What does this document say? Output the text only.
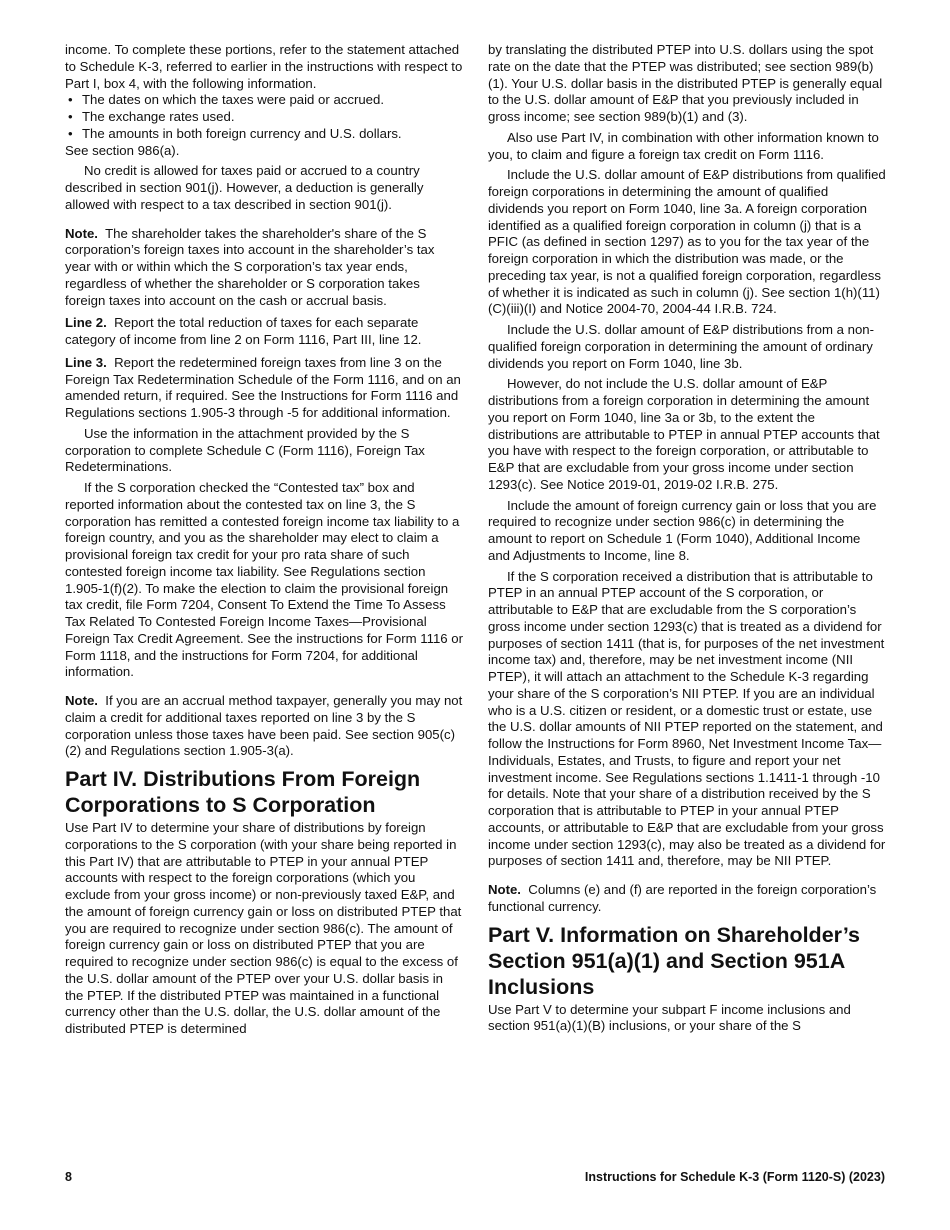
income. To complete these portions, refer to the statement attached to Schedule K-3, referred to earlier in the instructions with respect to Part I, box 4, with the following information.

• The dates on which the taxes were paid or accrued.
• The exchange rates used.
• The amounts in both foreign currency and U.S. dollars.

See section 986(a).

No credit is allowed for taxes paid or accrued to a country described in section 901(j). However, a deduction is generally allowed with respect to a tax described in section 901(j).

Note. The shareholder takes the shareholder's share of the S corporation’s foreign taxes into account in the shareholder’s tax year with or within which the S corporation’s tax year ends, regardless of whether the shareholder or S corporation takes foreign taxes into account on the cash or accrual basis.

Line 2. Report the total reduction of taxes for each separate category of income from line 2 on Form 1116, Part III, line 12.

Line 3. Report the redetermined foreign taxes from line 3 on the Foreign Tax Redetermination Schedule of the Form 1116, and on an amended return, if required. See the Instructions for Form 1116 and Regulations sections 1.905-3 through -5 for additional information.

Use the information in the attachment provided by the S corporation to complete Schedule C (Form 1116), Foreign Tax Redeterminations.

If the S corporation checked the “Contested tax” box and reported information about the contested tax on line 3, the S corporation has remitted a contested foreign income tax liability to a foreign country, and you as the shareholder may elect to claim a provisional foreign tax credit for your pro rata share of such contested foreign income tax liability. See Regulations section 1.905-1(f)(2). To make the election to claim the provisional foreign tax credit, file Form 7204, Consent To Extend the Time To Assess Tax Related To Contested Foreign Income Taxes—Provisional Foreign Tax Credit Agreement. See the instructions for Form 1116 or Form 1118, and the instructions for Form 7204, for additional information.

Note. If you are an accrual method taxpayer, generally you may not claim a credit for additional taxes reported on line 3 by the S corporation unless those taxes have been paid. See section 905(c)(2) and Regulations section 1.905-3(a).

Part IV. Distributions From Foreign Corporations to S Corporation

Use Part IV to determine your share of distributions by foreign corporations to the S corporation (with your share being reported in this Part IV) that are attributable to PTEP in your annual PTEP accounts with respect to the foreign corporations (which you exclude from your gross income) or non-previously taxed E&P, and the amount of foreign currency gain or loss on distributed PTEP that you are required to recognize under section 986(c). The amount of foreign currency gain or loss on distributed PTEP that you are required to recognize under section 986(c) is equal to the excess of the U.S. dollar amount of the PTEP over your U.S. dollar basis in the PTEP. If the distributed PTEP was maintained in a functional currency other than the U.S. dollar, the U.S. dollar amount of the distributed PTEP is determined

by translating the distributed PTEP into U.S. dollars using the spot rate on the date that the PTEP was distributed; see section 989(b)(1). Your U.S. dollar basis in the distributed PTEP is generally equal to the U.S. dollar amount of E&P that you previously included in gross income; see section 989(b)(1) and (3).

Also use Part IV, in combination with other information known to you, to claim and figure a foreign tax credit on Form 1116.

Include the U.S. dollar amount of E&P distributions from qualified foreign corporations in determining the amount of qualified dividends you report on Form 1040, line 3a. A foreign corporation identified as a qualified foreign corporation in column (j) that is a PFIC (as defined in section 1297) as to you for the tax year of the foreign corporation in which the distribution was made, or the preceding tax year, is not a qualified foreign corporation, regardless of whether it is indicated as such in column (j). See section 1(h)(11)(C)(iii)(I) and Notice 2004-70, 2004-44 I.R.B. 724.

Include the U.S. dollar amount of E&P distributions from a non-qualified foreign corporation in determining the amount of ordinary dividends you report on Form 1040, line 3b.

However, do not include the U.S. dollar amount of E&P distributions from a foreign corporation in determining the amount you report on Form 1040, line 3a or 3b, to the extent the distributions are attributable to PTEP in annual PTEP accounts that you have with respect to the foreign corporation, or attributable to E&P that are excludable from your gross income under section 1293(c). See Notice 2019-01, 2019-02 I.R.B. 275.

Include the amount of foreign currency gain or loss that you are required to recognize under section 986(c) in determining the amount to report on Schedule 1 (Form 1040), Additional Income and Adjustments to Income, line 8.

If the S corporation received a distribution that is attributable to PTEP in an annual PTEP account of the S corporation, or attributable to E&P that are excludable from the S corporation’s gross income under section 1293(c) that is treated as a dividend for purposes of section 1411 (that is, for purposes of the net investment income tax) and, therefore, may be net investment income (NII PTEP), it will attach an attachment to the Schedule K-3 regarding your share of the S corporation’s NII PTEP. If you are an individual who is a U.S. citizen or resident, or a domestic trust or estate, use the U.S. dollar amounts of NII PTEP reported on the statement, and follow the Instructions for Form 8960, Net Investment Income Tax— Individuals, Estates, and Trusts, to figure and report your net investment income. See Regulations sections 1.1411-1 through -10 for details. Note that your share of a distribution received by the S corporation that is attributable to PTEP in your annual PTEP accounts, or attributable to E&P that are excludable from your gross income under section 1293(c), may also be treated as a dividend for purposes of section 1411 and, therefore, may be NII PTEP.

Note. Columns (e) and (f) are reported in the foreign corporation’s functional currency.

Part V. Information on Shareholder’s Section 951(a)(1) and Section 951A Inclusions

Use Part V to determine your subpart F income inclusions and section 951(a)(1)(B) inclusions, or your share of the S

8	Instructions for Schedule K-3 (Form 1120-S) (2023)
